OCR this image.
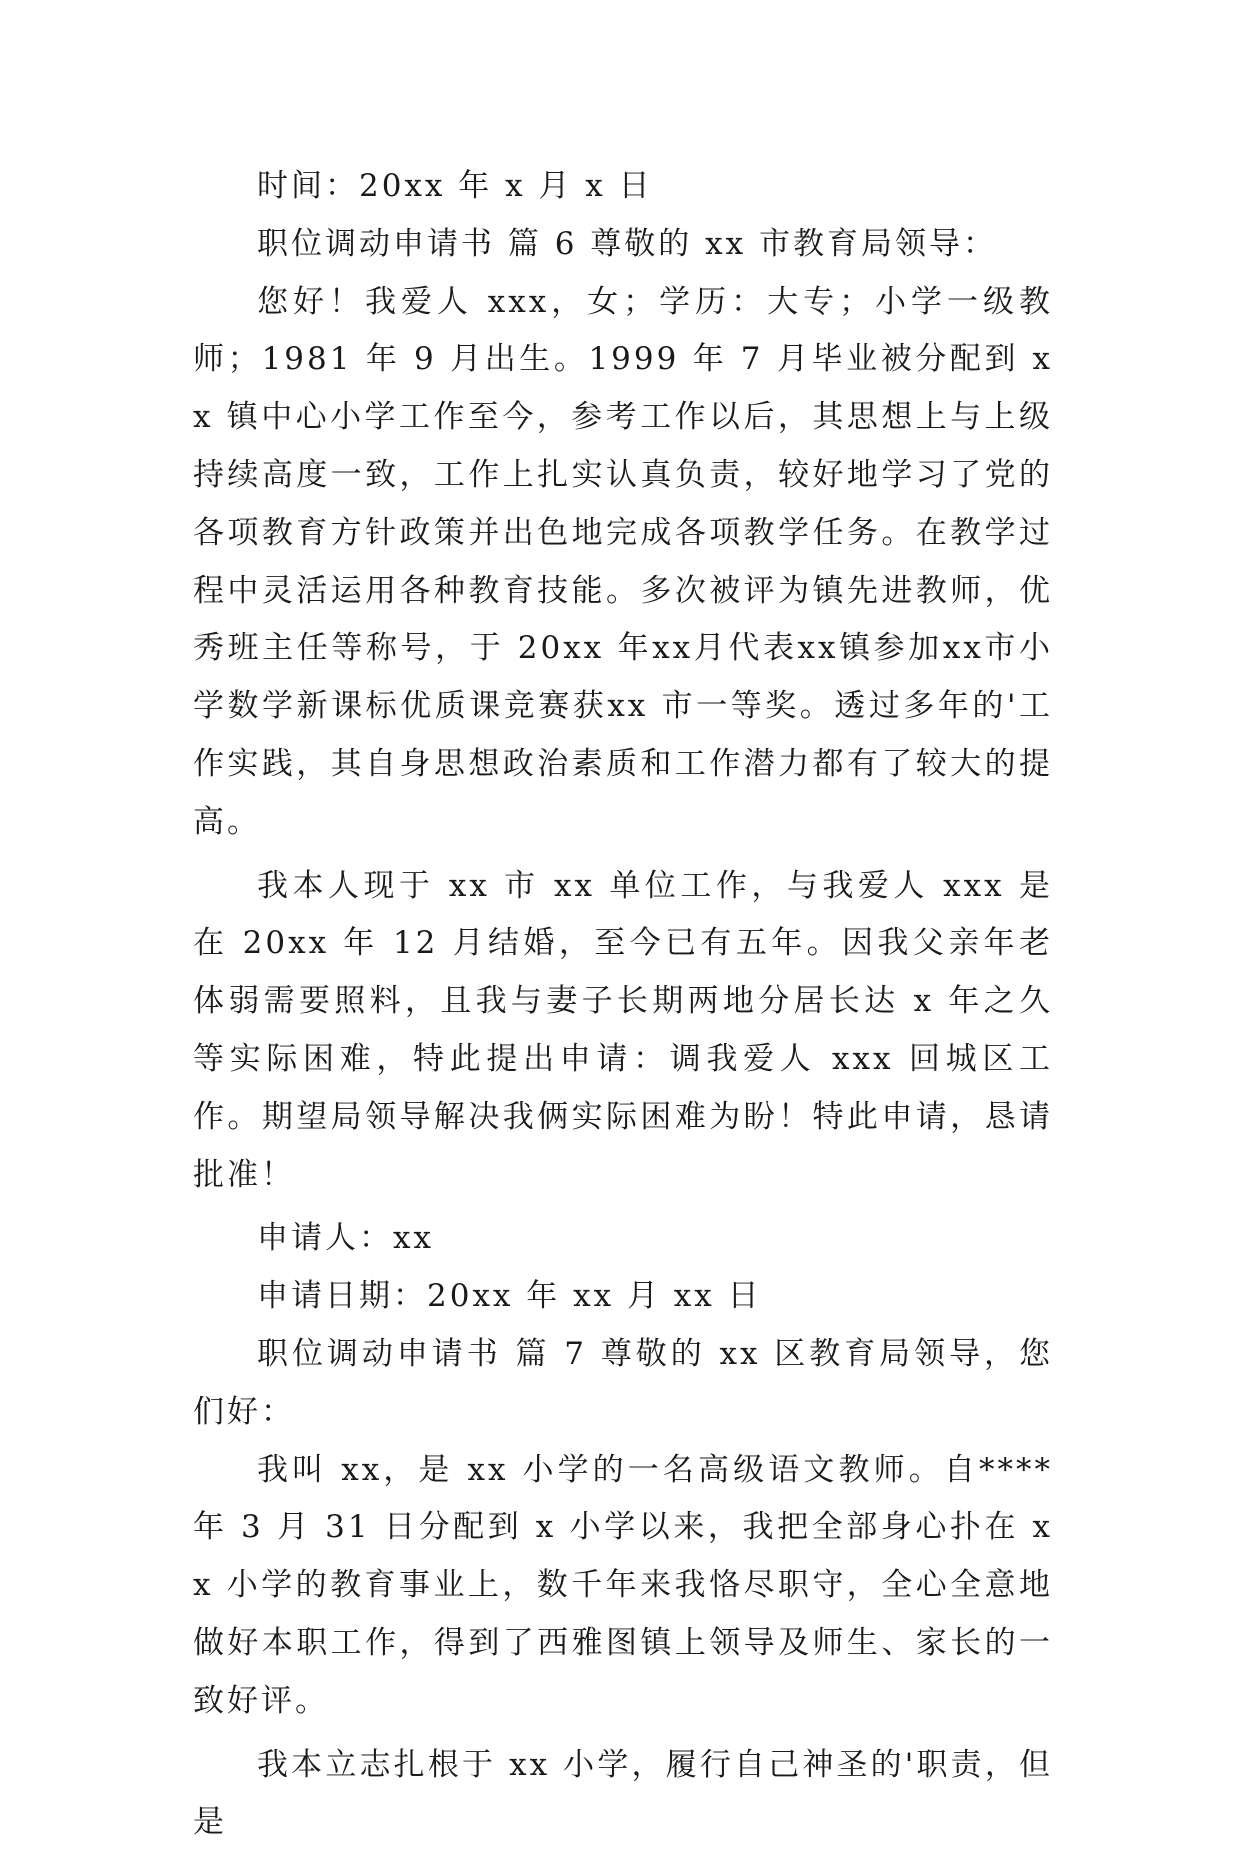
时间：20xx 年 x 月 x 日

职位调动申请书 篇 6 尊敬的 xx 市教育局领导：

您好！我爱人 xxx，女；学历：大专；小学一级教师；1981 年 9 月出生。1999 年 7 月毕业被分配到 xx 镇中心小学工作至今，参考工作以后，其思想上与上级持续高度一致，工作上扎实认真负责，较好地学习了党的各项教育方针政策并出色地完成各项教学任务。在教学过程中灵活运用各种教育技能。多次被评为镇先进教师，优秀班主任等称号，于 20xx 年xx月代表xx镇参加xx市小学数学新课标优质课竞赛获xx 市一等奖。透过多年的'工作实践，其自身思想政治素质和工作潜力都有了较大的提高。

我本人现于 xx 市 xx 单位工作，与我爱人 xxx 是在 20xx 年 12 月结婚，至今已有五年。因我父亲年老体弱需要照料，且我与妻子长期两地分居长达 x 年之久等实际困难，特此提出申请：调我爱人 xxx 回城区工作。期望局领导解决我俩实际困难为盼！特此申请，恳请批准！

申请人：xx

申请日期：20xx 年 xx 月 xx 日

职位调动申请书 篇 7 尊敬的 xx 区教育局领导，您们好：

我叫 xx，是 xx 小学的一名高级语文教师。自****年 3 月 31 日分配到 x 小学以来，我把全部身心扑在 xx 小学的教育事业上，数千年来我恪尽职守，全心全意地做好本职工作，得到了西雅图镇上领导及师生、家长的一致好评。

我本立志扎根于 xx 小学，履行自己神圣的'职责，但是
